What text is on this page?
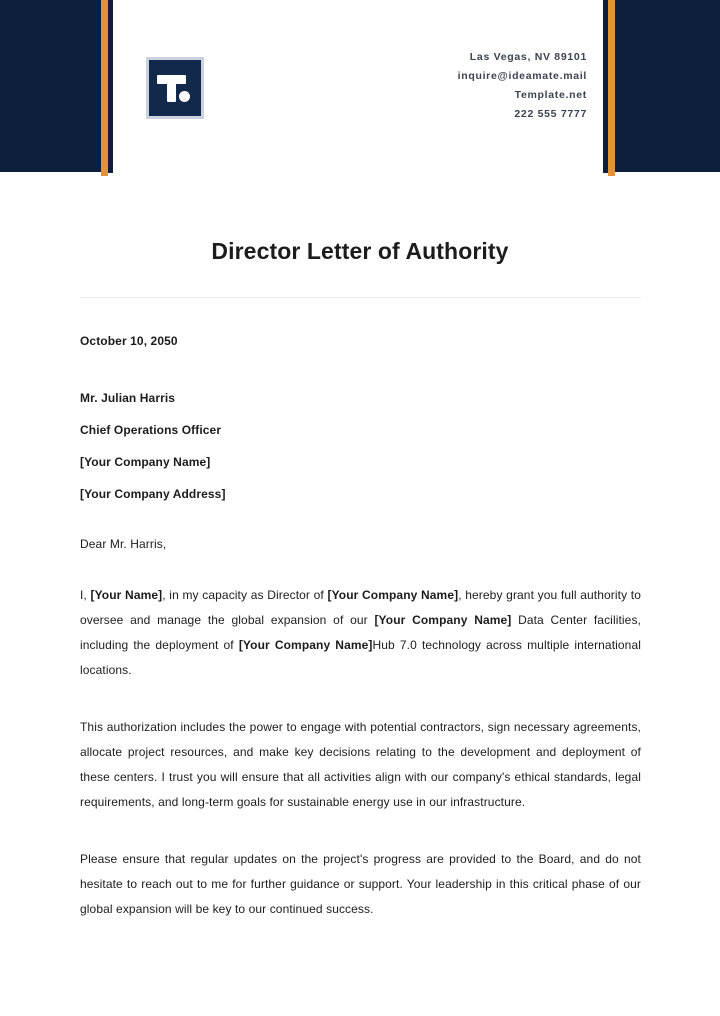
Las Vegas, NV 89101
inquire@ideamate.mail
Template.net
222 555 7777
Director Letter of Authority
October 10, 2050
Mr. Julian Harris
Chief Operations Officer
[Your Company Name]
[Your Company Address]
Dear Mr. Harris,
I, [Your Name], in my capacity as Director of [Your Company Name], hereby grant you full authority to oversee and manage the global expansion of our [Your Company Name] Data Center facilities, including the deployment of [Your Company Name]Hub 7.0 technology across multiple international locations.
This authorization includes the power to engage with potential contractors, sign necessary agreements, allocate project resources, and make key decisions relating to the development and deployment of these centers. I trust you will ensure that all activities align with our company's ethical standards, legal requirements, and long-term goals for sustainable energy use in our infrastructure.
Please ensure that regular updates on the project's progress are provided to the Board, and do not hesitate to reach out to me for further guidance or support. Your leadership in this critical phase of our global expansion will be key to our continued success.
